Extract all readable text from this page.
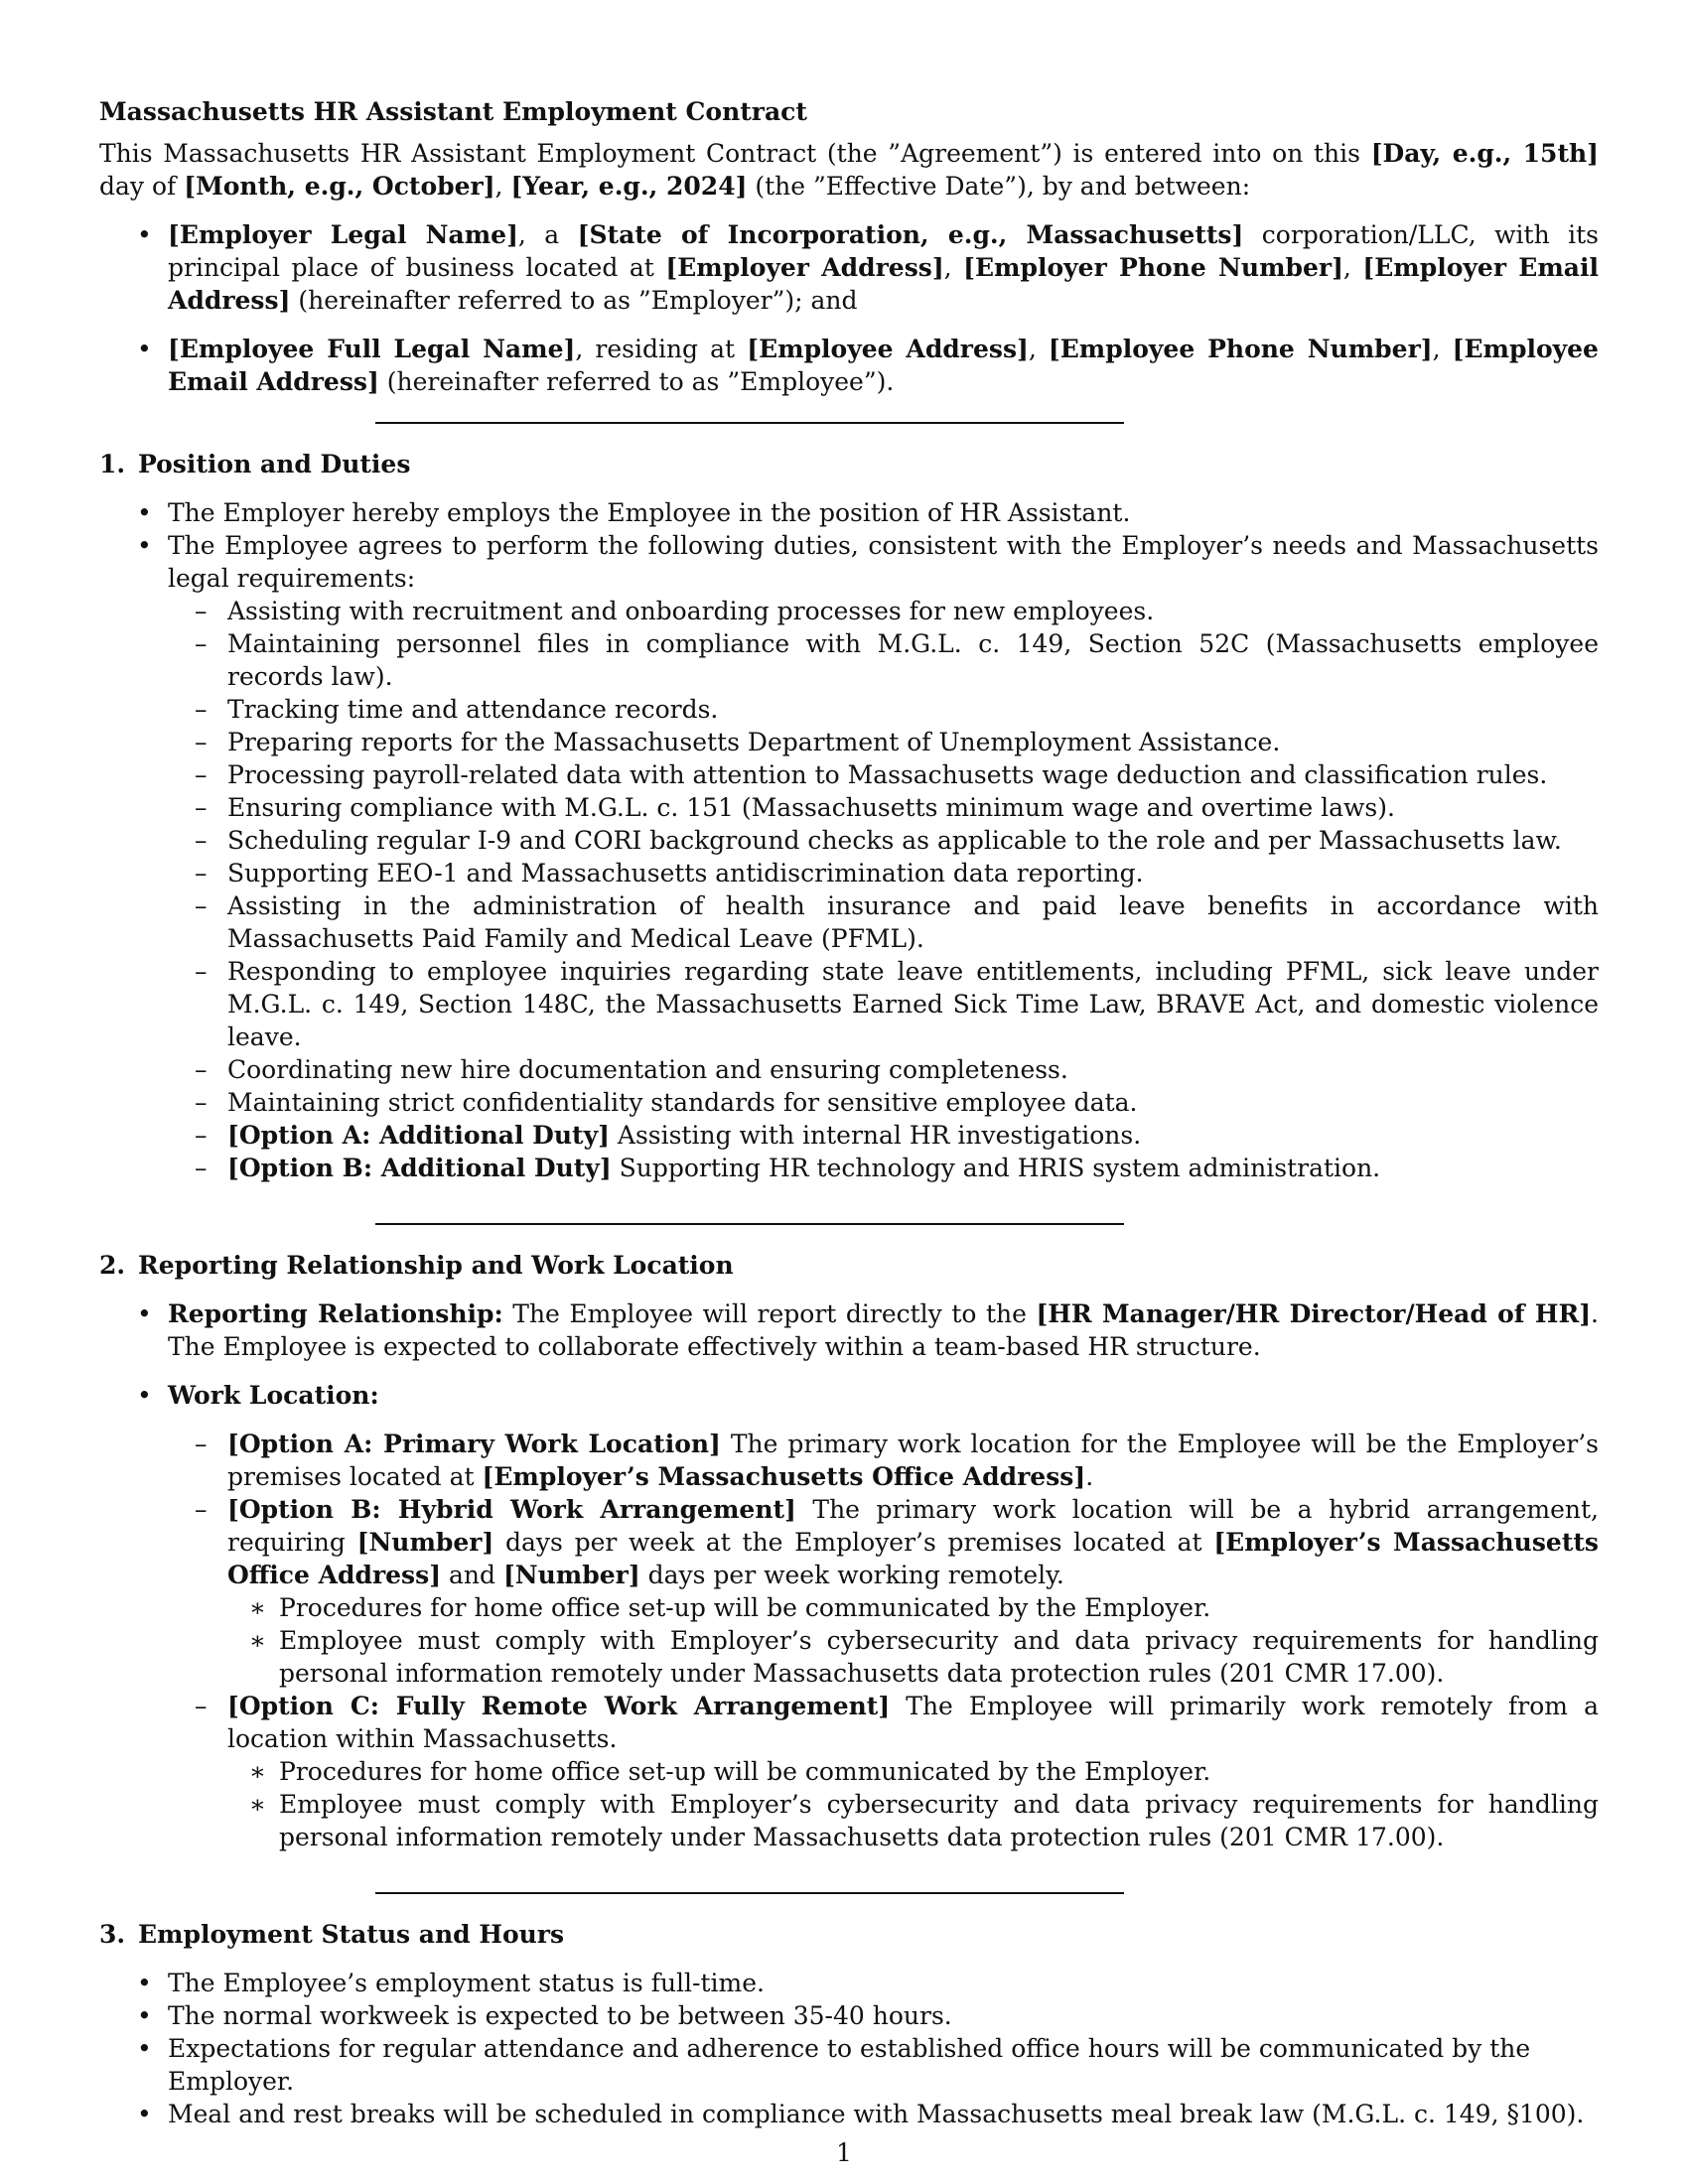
Massachusetts HR Assistant Employment Contract

This Massachusetts HR Assistant Employment Contract (the ”Agreement”) is entered into on this [Day, e.g., 15th] day of [Month, e.g., October], [Year, e.g., 2024] (the ”Effective Date”), by and between:

• [Employer Legal Name], a [State of Incorporation, e.g., Massachusetts] corporation/LLC, with its principal place of business located at [Employer Address], [Employer Phone Number], [Employer Email Address] (hereinafter referred to as ”Employer”); and
• [Employee Full Legal Name], residing at [Employee Address], [Employee Phone Number], [Employee Email Address] (hereinafter referred to as ”Employee”).
1. Position and Duties
• The Employer hereby employs the Employee in the position of HR Assistant.
• The Employee agrees to perform the following duties, consistent with the Employer’s needs and Massachusetts legal requirements:
– Assisting with recruitment and onboarding processes for new employees.
– Maintaining personnel files in compliance with M.G.L. c. 149, Section 52C (Massachusetts employee records law).
– Tracking time and attendance records.
– Preparing reports for the Massachusetts Department of Unemployment Assistance.
– Processing payroll-related data with attention to Massachusetts wage deduction and classification rules.
– Ensuring compliance with M.G.L. c. 151 (Massachusetts minimum wage and overtime laws).
– Scheduling regular I-9 and CORI background checks as applicable to the role and per Massachusetts law.
– Supporting EEO-1 and Massachusetts antidiscrimination data reporting.
– Assisting in the administration of health insurance and paid leave benefits in accordance with Massachusetts Paid Family and Medical Leave (PFML).
– Responding to employee inquiries regarding state leave entitlements, including PFML, sick leave under M.G.L. c. 149, Section 148C, the Massachusetts Earned Sick Time Law, BRAVE Act, and domestic violence leave.
– Coordinating new hire documentation and ensuring completeness.
– Maintaining strict confidentiality standards for sensitive employee data.
– [Option A: Additional Duty] Assisting with internal HR investigations.
– [Option B: Additional Duty] Supporting HR technology and HRIS system administration.
2. Reporting Relationship and Work Location
• Reporting Relationship: The Employee will report directly to the [HR Manager/HR Director/Head of HR]. The Employee is expected to collaborate effectively within a team-based HR structure.
• Work Location:
– [Option A: Primary Work Location] The primary work location for the Employee will be the Employer’s premises located at [Employer’s Massachusetts Office Address].
– [Option B: Hybrid Work Arrangement] The primary work location will be a hybrid arrangement, requiring [Number] days per week at the Employer’s premises located at [Employer’s Massachusetts Office Address] and [Number] days per week working remotely.
∗ Procedures for home office set-up will be communicated by the Employer.
∗ Employee must comply with Employer’s cybersecurity and data privacy requirements for handling personal information remotely under Massachusetts data protection rules (201 CMR 17.00).
– [Option C: Fully Remote Work Arrangement] The Employee will primarily work remotely from a location within Massachusetts.
∗ Procedures for home office set-up will be communicated by the Employer.
∗ Employee must comply with Employer’s cybersecurity and data privacy requirements for handling personal information remotely under Massachusetts data protection rules (201 CMR 17.00).
3. Employment Status and Hours
• The Employee’s employment status is full-time.
• The normal workweek is expected to be between 35-40 hours.
• Expectations for regular attendance and adherence to established office hours will be communicated by the Employer.
• Meal and rest breaks will be scheduled in compliance with Massachusetts meal break law (M.G.L. c. 149, §100).
1
